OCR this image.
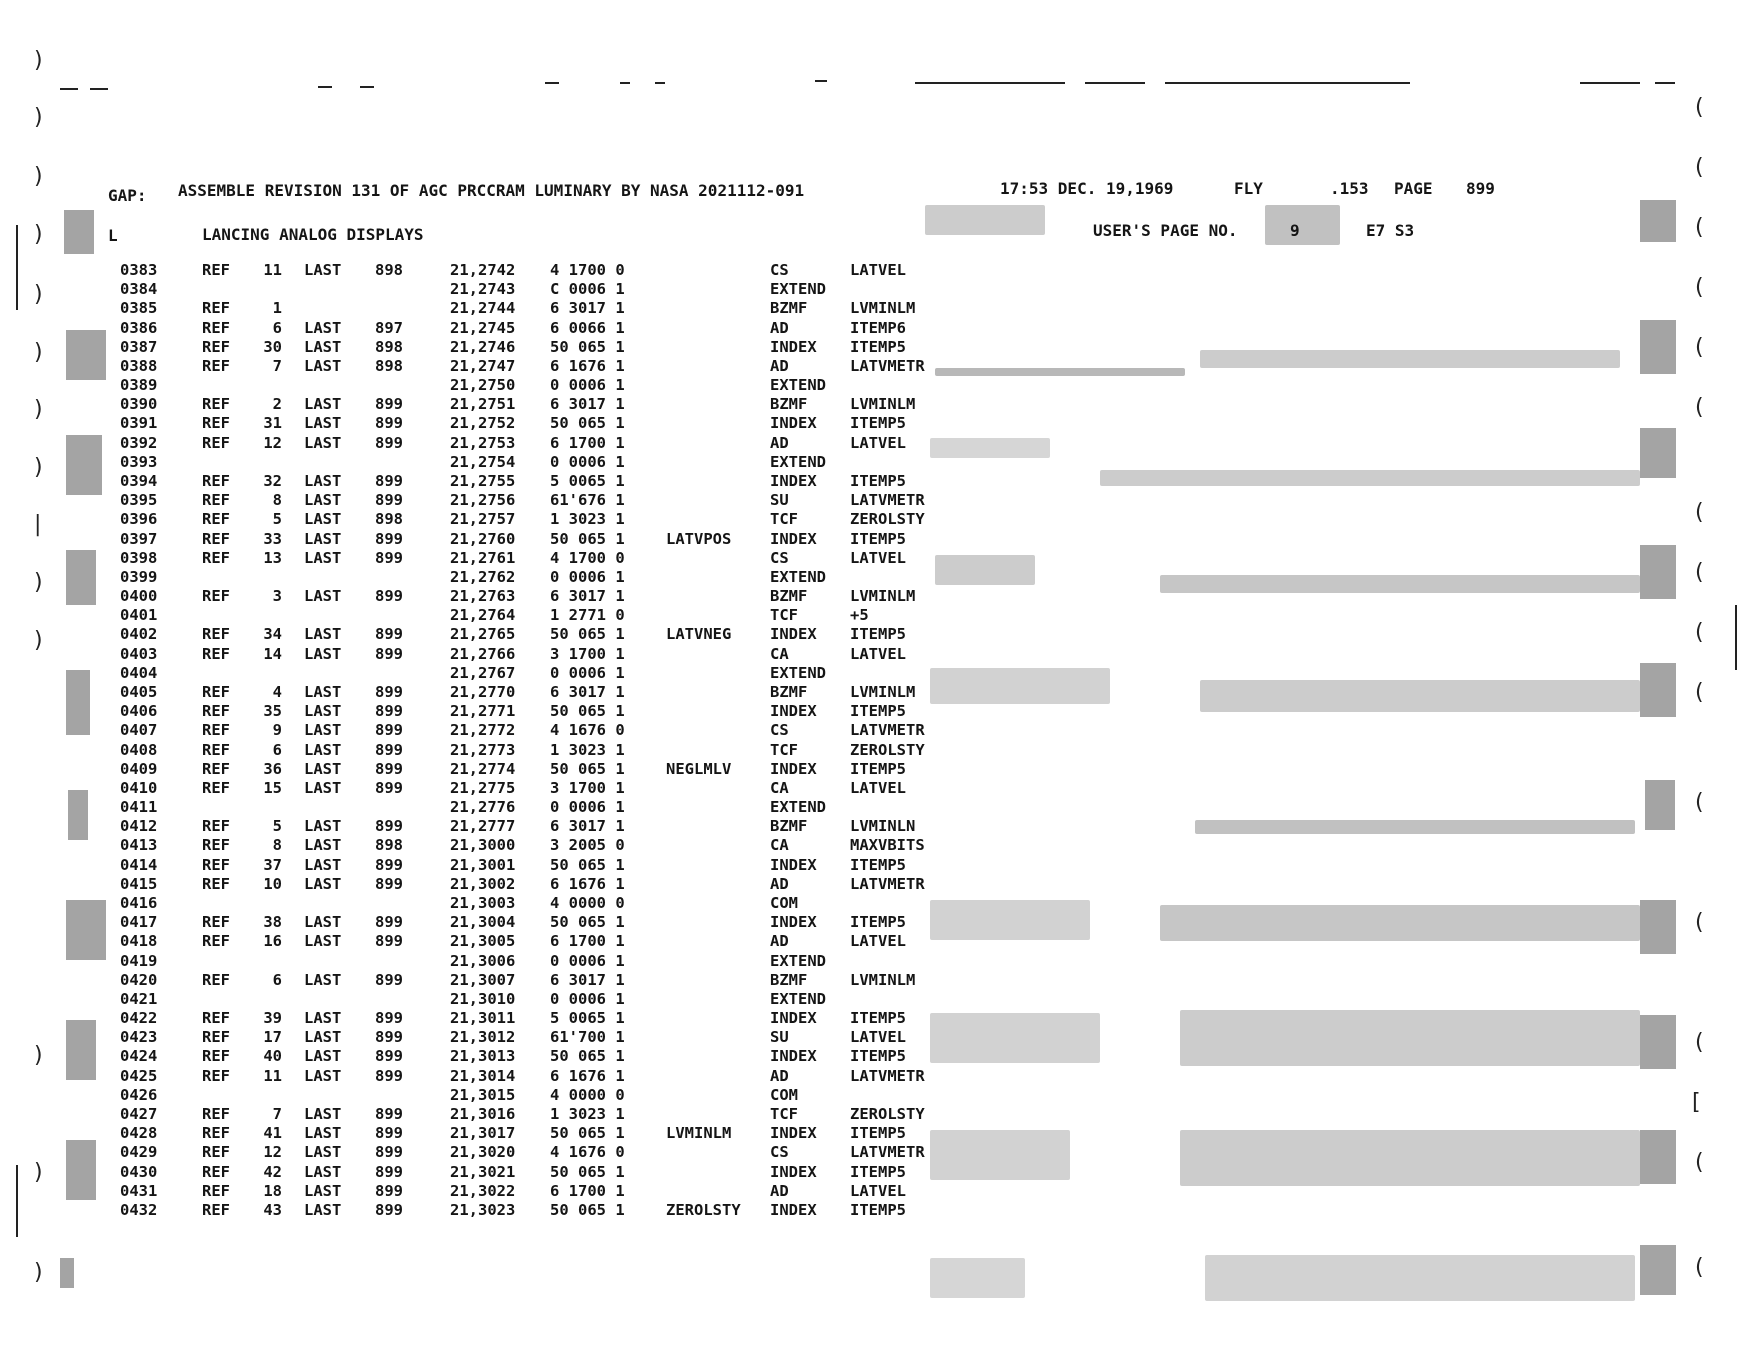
)
)
)
)
)
)
)
)
|
)
)
)
)
)
(
(
(
(
(
(
(
(
(
(
(
(
(
[
(
(
GAP: ASSEMBLE REVISION 131 OF AGC PRCCRAM LUMINARY BY NASA 2021112-091	17:53 DEC. 19,1969	FLY	.153 PAGE 899
L	LANCING ANALOG DISPLAYS	USER'S PAGE NO.	9	E7 S3
0383	REF 11 LAST 898	21,2742 4 1700 0	CS	LATVEL
0384	21,2743 C 0006 1	EXTEND
0385	REF	1	21,2744 6 3017 1	BZMF	LVMINLM
0386	REF	6 LAST 897	21,2745 6 0066 1	AD	ITEMP6
0387	REF 30 LAST 898	21,2746 50 065 1	INDEX ITEMP5
0388	REF	7 LAST 898	21,2747 6 1676 1	AD	LATVMETR
0389	21,2750 0 0006 1	EXTEND
0390	REF	2 LAST 899	21,2751 6 3017 1	BZMF	LVMINLM
0391	REF 31 LAST 899	21,2752 50 065 1	INDEX ITEMP5
0392	REF 12 LAST 899	21,2753 6 1700 1	AD	LATVEL
0393	21,2754 0 0006 1	EXTEND
0394	REF 32 LAST 899	21,2755 5 0065 1	INDEX ITEMP5
0395	REF	8 LAST 899	21,2756 61'676 1	SU	LATVMETR
0396	REF	5 LAST 898	21,2757 1 3023 1	TCF	ZEROLSTY
0397	REF 33 LAST 899	21,2760 50 065 1	LATVPOS INDEX ITEMP5
0398	REF 13 LAST 899	21,2761 4 1700 0	CS	LATVEL
0399	21,2762 0 0006 1	EXTEND
0400	REF	3 LAST 899	21,2763 6 3017 1	BZMF	LVMINLM
0401	21,2764 1 2771 0	TCF	+5
0402	REF 34 LAST 899	21,2765 50 065 1	LATVNEG INDEX ITEMP5
0403	REF 14 LAST 899	21,2766 3 1700 1	CA	LATVEL
0404	21,2767 0 0006 1	EXTEND
0405	REF	4 LAST 899	21,2770 6 3017 1	BZMF	LVMINLM
0406	REF 35 LAST 899	21,2771 50 065 1	INDEX ITEMP5
0407	REF	9 LAST 899	21,2772 4 1676 0	CS	LATVMETR
0408	REF	6 LAST 899	21,2773 1 3023 1	TCF	ZEROLSTY
0409	REF 36 LAST 899	21,2774 50 065 1	NEGLMLV INDEX ITEMP5
0410	REF 15 LAST 899	21,2775 3 1700 1	CA	LATVEL
0411	21,2776 0 0006 1	EXTEND
0412	REF	5 LAST 899	21,2777 6 3017 1	BZMF	LVMINLN
0413	REF	8 LAST 898	21,3000 3 2005 0	CA	MAXVBITS
0414	REF 37 LAST 899	21,3001 50 065 1	INDEX ITEMP5
0415	REF 10 LAST 899	21,3002 6 1676 1	AD	LATVMETR
0416	21,3003 4 0000 0	COM
0417	REF 38 LAST 899	21,3004 50 065 1	INDEX ITEMP5
0418	REF 16 LAST 899	21,3005 6 1700 1	AD	LATVEL
0419	21,3006 0 0006 1	EXTEND
0420	REF	6 LAST 899	21,3007 6 3017 1	BZMF	LVMINLM
0421	21,3010 0 0006 1	EXTEND
0422	REF 39 LAST 899	21,3011 5 0065 1	INDEX ITEMP5
0423	REF 17 LAST 899	21,3012 61'700 1	SU	LATVEL
0424	REF 40 LAST 899	21,3013 50 065 1	INDEX ITEMP5
0425	REF 11 LAST 899	21,3014 6 1676 1	AD	LATVMETR
0426	21,3015 4 0000 0	COM
0427	REF	7 LAST 899	21,3016 1 3023 1	TCF	ZEROLSTY
0428	REF 41 LAST 899	21,3017 50 065 1	LVMINLM INDEX ITEMP5
0429	REF 12 LAST 899	21,3020 4 1676 0	CS	LATVMETR
0430	REF 42 LAST 899	21,3021 50 065 1	INDEX ITEMP5
0431	REF 18 LAST 899	21,3022 6 1700 1	AD	LATVEL
0432	REF 43 LAST 899	21,3023 50 065 1	ZEROLSTY INDEX ITEMP5
